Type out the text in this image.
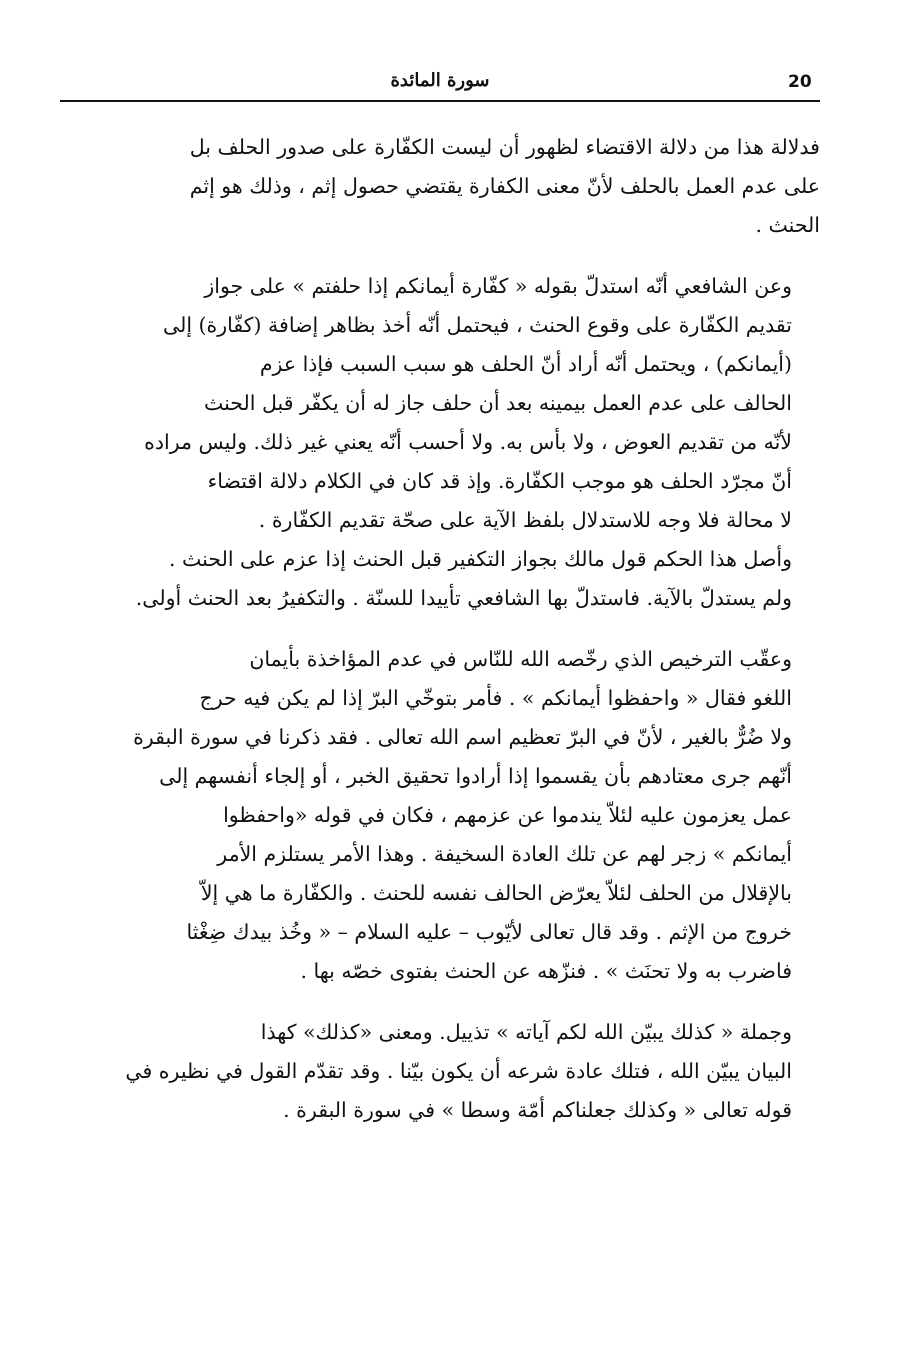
20
سورة المائدة

فدلالة هذا من دلالة الاقتضاء لظهور أن ليست الكفّارة على صدور الحلف بل
على عدم العمل بالحلف لأنّ معنى الكفارة يقتضي حصول إثم ، وذلك هو إثم
الحنث .

وعن الشافعي أنّه استدلّ بقوله « كفّارة أيمانكم إذا حلفتم » على جواز
تقديم الكفّارة على وقوع الحنث ، فيحتمل أنّه أخذ بظاهر إضافة (كفّارة) إلى
(أيمانكم) ، ويحتمل أنّه أراد أنّ الحلف هو سبب السبب فإذا عزم
الحالف على عدم العمل بيمينه بعد أن حلف جاز له أن يكفّر قبل الحنث
لأنّه من تقديم العوض ، ولا بأس به. ولا أحسب أنّه يعني غير ذلك. وليس مراده
أنّ مجرّد الحلف هو موجب الكفّارة. وإذ قد كان في الكلام دلالة اقتضاء
لا محالة فلا وجه للاستدلال بلفظ الآية على صحّة تقديم الكفّارة .
وأصل هذا الحكم قول مالك بجواز التكفير قبل الحنث إذا عزم على الحنث .
ولم يستدلّ بالآية. فاستدلّ بها الشافعي تأييدا للسنّة . والتكفيرُ بعد الحنث أولى.

وعقّب الترخيص الذي رخّصه الله للنّاس في عدم المؤاخذة بأيمان
اللغو فقال « واحفظوا أيمانكم » . فأمر بتوخّي البرّ إذا لم يكن فيه حرج
ولا ضُرٌّ بالغير ، لأنّ في البرّ تعظيم اسم الله تعالى . فقد ذكرنا في سورة البقرة
أنّهم جرى معتادهم بأن يقسموا إذا أرادوا تحقيق الخبر ، أو إلجاء أنفسهم إلى
عمل يعزمون عليه لئلاّ يندموا عن عزمهم ، فكان في قوله «واحفظوا
أيمانكم » زجر لهم عن تلك العادة السخيفة . وهذا الأمر يستلزم الأمر
بالإقلال من الحلف لئلاّ يعرّض الحالف نفسه للحنث . والكفّارة ما هي إلاّ
خروج من الإثم . وقد قال تعالى لأيّوب – عليه السلام – « وخُذ بيدك ضِغْثا
فاضرب به ولا تحنَث » . فنزّهه عن الحنث بفتوى خصّه بها .

وجملة « كذلك يبيّن الله لكم آياته » تذييل. ومعنى «كذلك» كهذا
البيان يبيّن الله ، فتلك عادة شرعه أن يكون بيّنا . وقد تقدّم القول في نظيره في
قوله تعالى « وكذلك جعلناكم أمّة وسطا » في سورة البقرة .
